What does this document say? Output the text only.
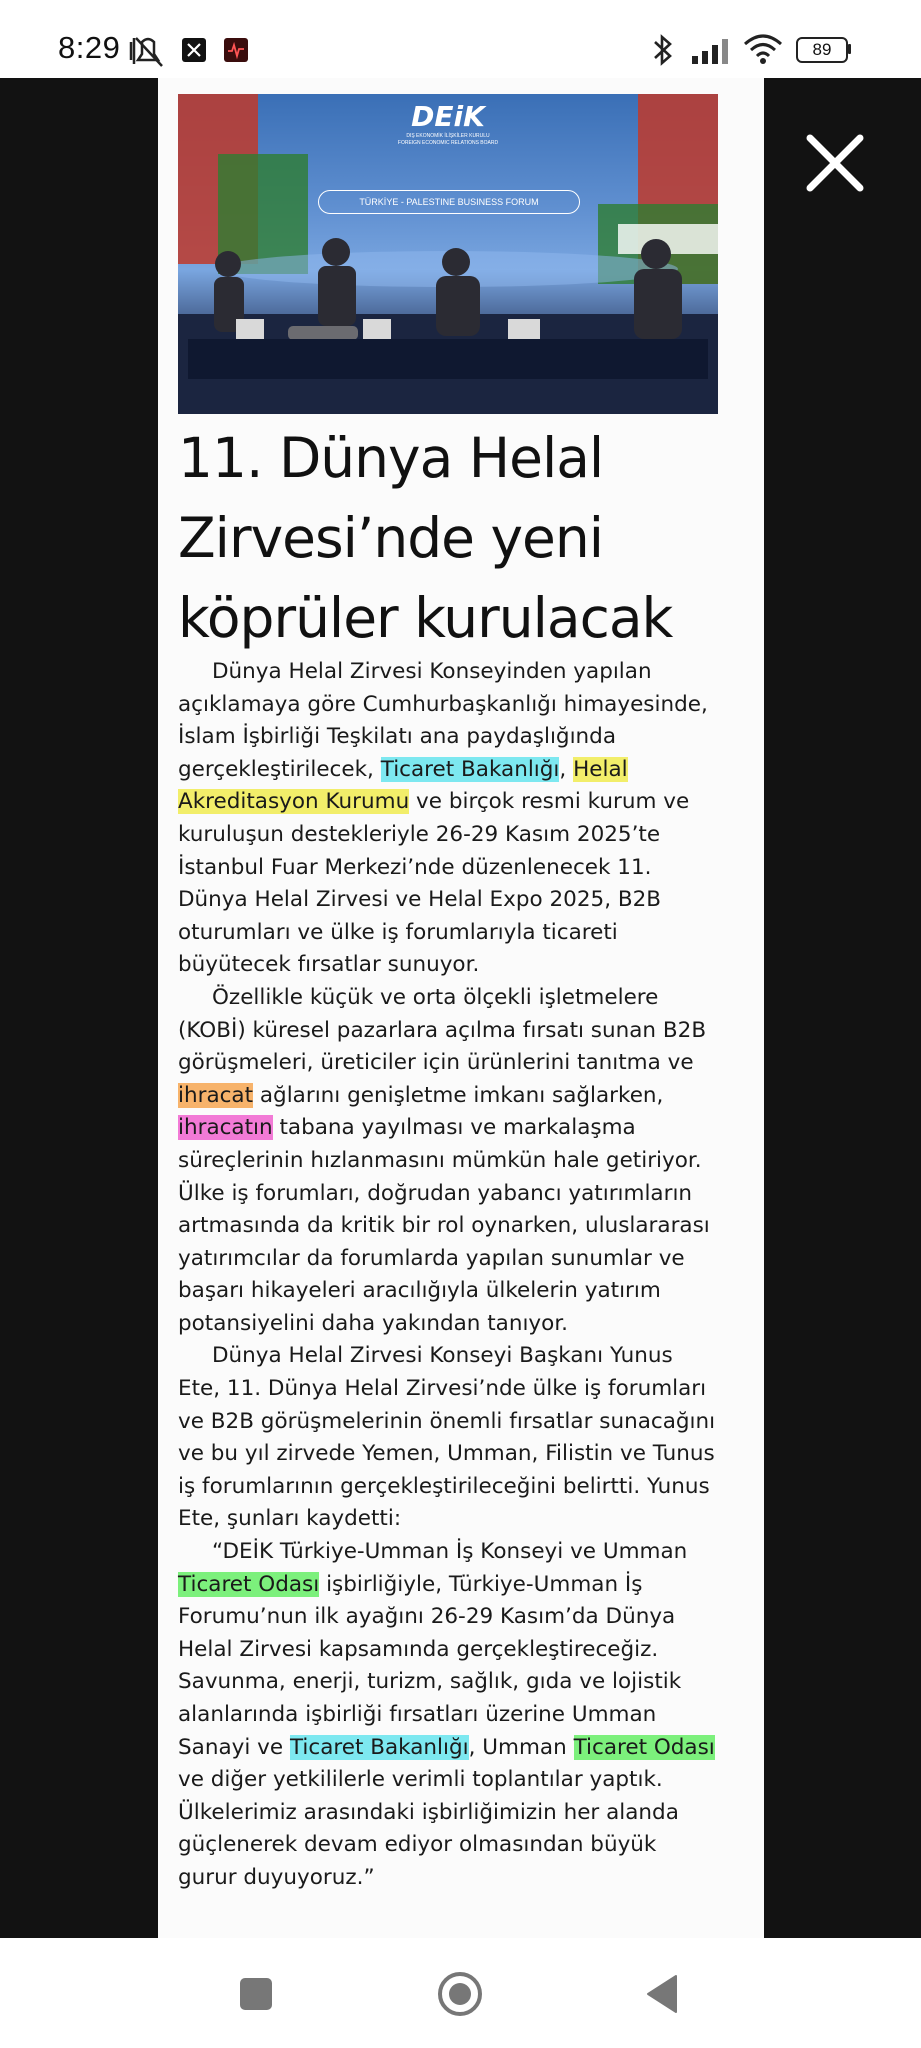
8:29	89
DEiK
DIŞ EKONOMİK İLİŞKİLER KURULU
FOREIGN ECONOMIC RELATIONS BOARD
TÜRKİYE - PALESTINE BUSINESS FORUM
11. Dünya Helal
Zirvesi’nde yeni
köprüler kurulacak

Dünya Helal Zirvesi Konseyinden yapılan açıklamaya göre Cumhurbaşkanlığı himayesinde, İslam İşbirliği Teşkilatı ana paydaşlığında gerçekleştirilecek, Ticaret Bakanlığı, Helal Akreditasyon Kurumu ve birçok resmi kurum ve kuruluşun destekleriyle 26-29 Kasım 2025’te İstanbul Fuar Merkezi’nde düzenlenecek 11. Dünya Helal Zirvesi ve Helal Expo 2025, B2B oturumları ve ülke iş forumlarıyla ticareti büyütecek fırsatlar sunuyor.

Özellikle küçük ve orta ölçekli işletmelere (KOBİ) küresel pazarlara açılma fırsatı sunan B2B görüşmeleri, üreticiler için ürünlerini tanıtma ve ihracat ağlarını genişletme imkanı sağlarken, ihracatın tabana yayılması ve markalaşma süreçlerinin hızlanmasını mümkün hale getiriyor. Ülke iş forumları, doğrudan yabancı yatırımların artmasında da kritik bir rol oynarken, uluslararası yatırımcılar da forumlarda yapılan sunumlar ve başarı hikayeleri aracılığıyla ülkelerin yatırım potansiyelini daha yakından tanıyor.

Dünya Helal Zirvesi Konseyi Başkanı Yunus Ete, 11. Dünya Helal Zirvesi’nde ülke iş forumları ve B2B görüşmelerinin önemli fırsatlar sunacağını ve bu yıl zirvede Yemen, Umman, Filistin ve Tunus iş forumlarının gerçekleştirileceğini belirtti. Yunus Ete, şunları kaydetti:

“DEİK Türkiye-Umman İş Konseyi ve Umman Ticaret Odası işbirliğiyle, Türkiye-Umman İş Forumu’nun ilk ayağını 26-29 Kasım’da Dünya Helal Zirvesi kapsamında gerçekleştireceğiz. Savunma, enerji, turizm, sağlık, gıda ve lojistik alanlarında işbirliği fırsatları üzerine Umman Sanayi ve Ticaret Bakanlığı, Umman Ticaret Odası ve diğer yetkililerle verimli toplantılar yaptık. Ülkelerimiz arasındaki işbirliğimizin her alanda güçlenerek devam ediyor olmasından büyük gurur duyuyoruz.”
